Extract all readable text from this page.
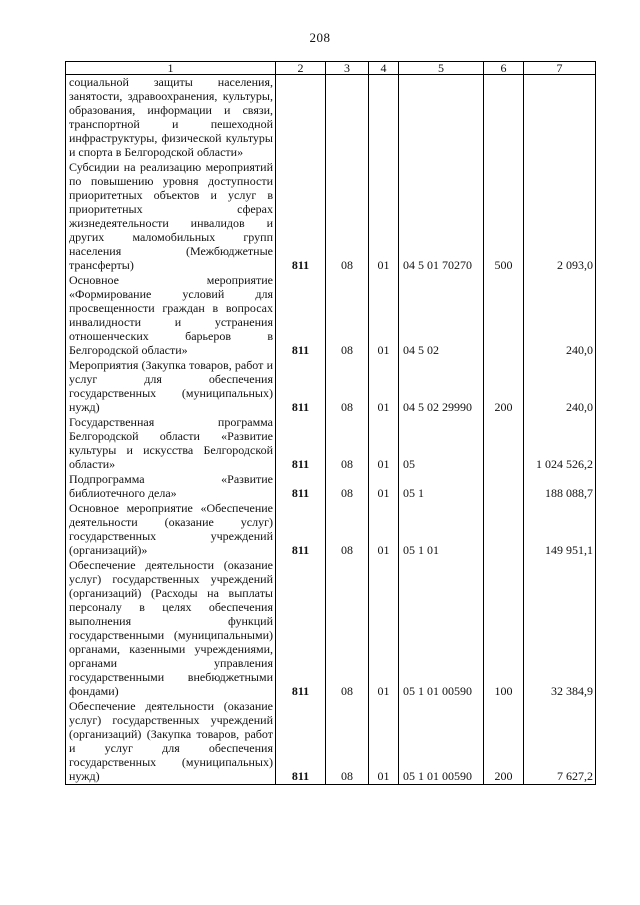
208
1	2	3	4	5	6	7
социальной защиты населения, занятости, здравоохранения, культуры, образования, информации и связи, транспортной и пешеходной инфраструктуры, физической культуры и спорта в Белгородской области»						
Субсидии на реализацию мероприятий по повышению уровня доступности приоритетных объектов и услуг в приоритетных сферах жизнедеятельности инвалидов и других маломобильных групп населения (Межбюджетные трансферты)	811	08	01	04 5 01 70270	500	2 093,0
Основное мероприятие «Формирование условий для просвещенности граждан в вопросах инвалидности и устранения отношенческих барьеров в Белгородской области»	811	08	01	04 5 02		240,0
Мероприятия (Закупка товаров, работ и услуг для обеспечения государственных (муниципальных) нужд)	811	08	01	04 5 02 29990	200	240,0
Государственная программа Белгородской области «Развитие культуры и искусства Белгородской области»	811	08	01	05		1 024 526,2
Подпрограмма «Развитие библиотечного дела»	811	08	01	05 1		188 088,7
Основное мероприятие «Обеспечение деятельности (оказание услуг) государственных учреждений (организаций)»	811	08	01	05 1 01		149 951,1
Обеспечение деятельности (оказание услуг) государственных учреждений (организаций) (Расходы на выплаты персоналу в целях обеспечения выполнения функций государственными (муниципальными) органами, казенными учреждениями, органами управления государственными внебюджетными фондами)	811	08	01	05 1 01 00590	100	32 384,9
Обеспечение деятельности (оказание услуг) государственных учреждений (организаций) (Закупка товаров, работ и услуг для обеспечения государственных (муниципальных) нужд)	811	08	01	05 1 01 00590	200	7 627,2
